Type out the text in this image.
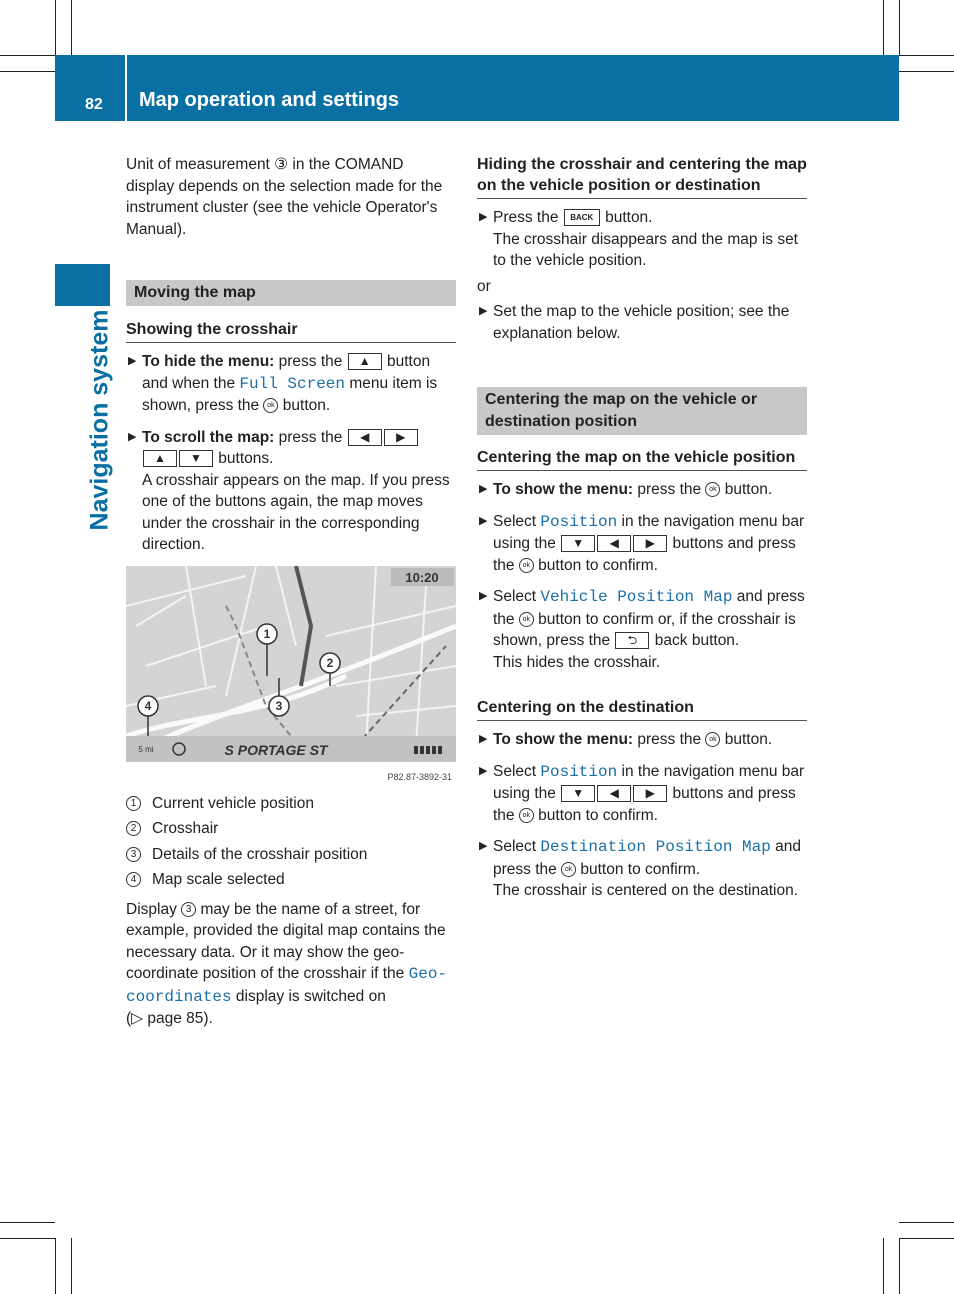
82 Map operation and settings
Navigation system

Unit of measurement ③ in the COMAND display depends on the selection made for the instrument cluster (see the vehicle Operator's Manual).

Moving the map
Showing the crosshair
▶ To hide the menu: press the ▲ button and when the Full Screen menu item is shown, press the ok button.
▶ To scroll the map: press the ◀ ▶
▲ ▼ buttons.
A crosshair appears on the map. If you press one of the buttons again, the map moves under the crosshair in the corresponding direction.
10:20
S PORTAGE ST
5 mi
1
2
3
4
P82.87-3892-31
1	Current vehicle position
2	Crosshair
3	Details of the crosshair position
4	Map scale selected

Display 3 may be the name of a street, for example, provided the digital map contains the necessary data. Or it may show the geo-coordinate position of the crosshair if the Geo-coordinates display is switched on
(▷ page 85).

Hiding the crosshair and centering the map on the vehicle position or destination
▶ Press the BACK button.
The crosshair disappears and the map is set to the vehicle position.

or

▶ Set the map to the vehicle position; see the explanation below.
Centering the map on the vehicle or destination position
Centering the map on the vehicle position
▶ To show the menu: press the ok button.
▶ Select Position in the navigation menu bar using the ▼ ◀ ▶ buttons and press the ok button to confirm.
▶ Select Vehicle Position Map and press the ok button to confirm or, if the crosshair is shown, press the ⮌ back button.
This hides the crosshair.
Centering on the destination
▶ To show the menu: press the ok button.
▶ Select Position in the navigation menu bar using the ▼ ◀ ▶ buttons and press the ok button to confirm.
▶ Select Destination Position Map and press the ok button to confirm.
The crosshair is centered on the destination.
